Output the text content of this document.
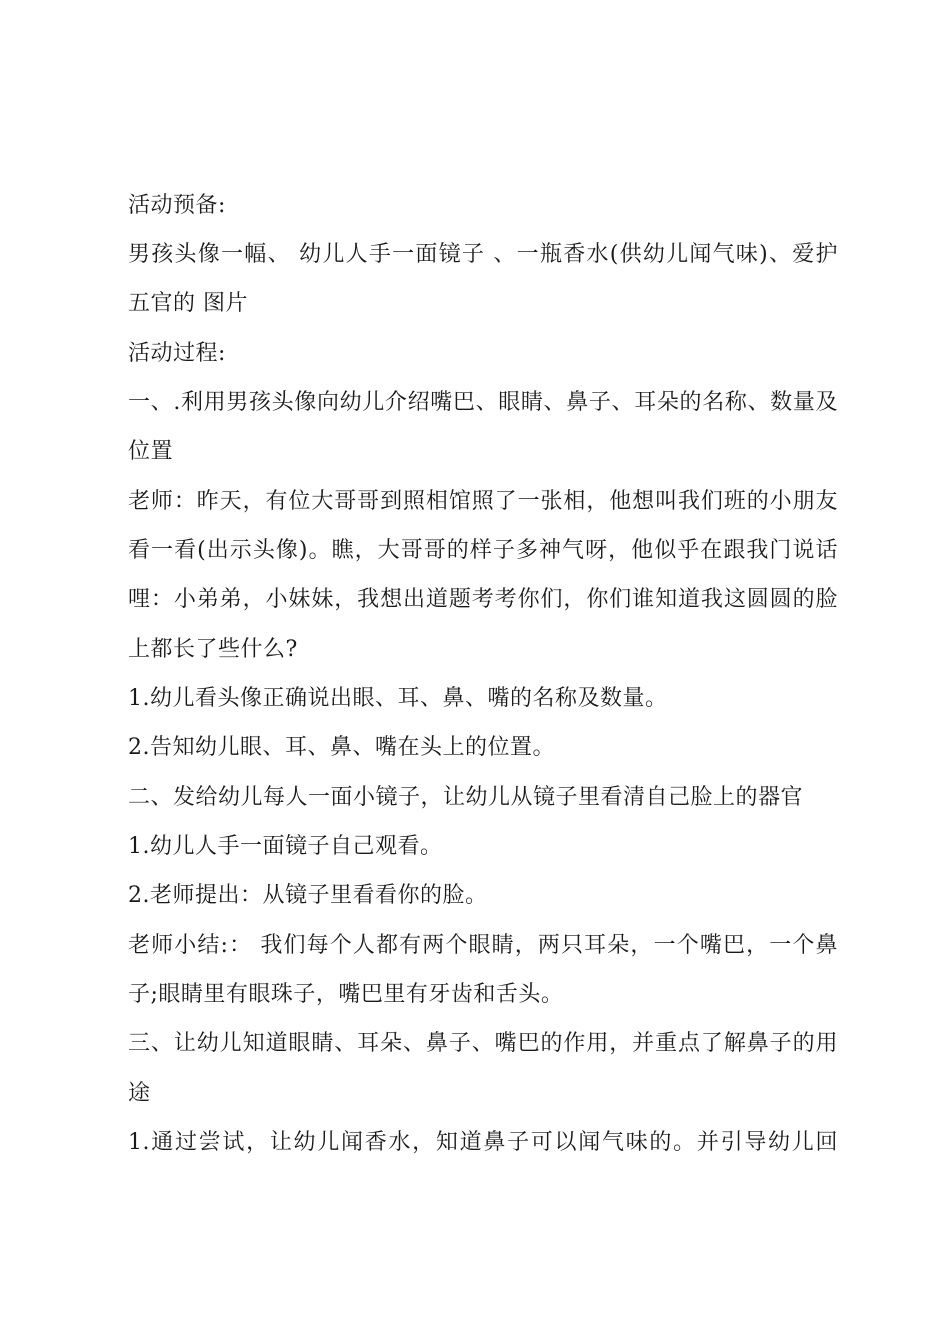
活动预备:
男孩头像一幅、 幼儿人手一面镜子 、一瓶香水(供幼儿闻气味)、爱护
五官的 图片
活动过程:
一、.利用男孩头像向幼儿介绍嘴巴、眼睛、鼻子、耳朵的名称、数量及
位置
老师：昨天，有位大哥哥到照相馆照了一张相，他想叫我们班的小朋友
看一看(出示头像)。瞧，大哥哥的样子多神气呀，他似乎在跟我门说话
哩：小弟弟，小妹妹，我想出道题考考你们，你们谁知道我这圆圆的脸
上都长了些什么?
1.幼儿看头像正确说出眼、耳、鼻、嘴的名称及数量。
2.告知幼儿眼、耳、鼻、嘴在头上的位置。
二、发给幼儿每人一面小镜子，让幼儿从镜子里看清自己脸上的器官
1.幼儿人手一面镜子自己观看。
2.老师提出：从镜子里看看你的脸。
老师小结:： 我们每个人都有两个眼睛，两只耳朵，一个嘴巴，一个鼻
子;眼睛里有眼珠子，嘴巴里有牙齿和舌头。
三、让幼儿知道眼睛、耳朵、鼻子、嘴巴的作用，并重点了解鼻子的用
途
1.通过尝试，让幼儿闻香水，知道鼻子可以闻气味的。并引导幼儿回
